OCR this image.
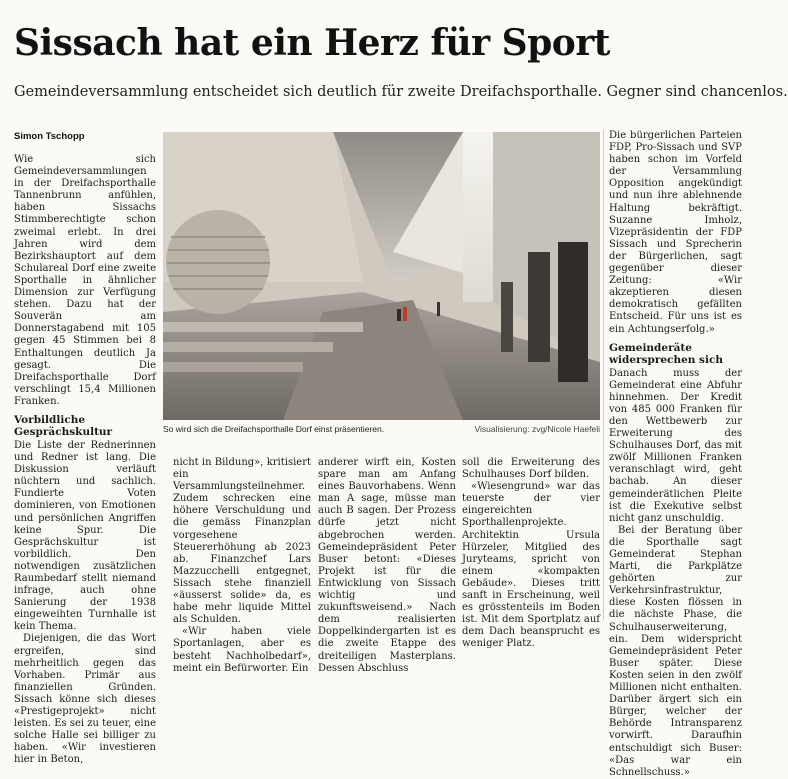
Sissach hat ein Herz für Sport
Gemeindeversammlung entscheidet sich deutlich für zweite Dreifachsporthalle. Gegner sind chancenlos.
Simon Tschopp

Wie sich Gemeindeversammlungen in der Dreifachsporthalle Tannenbrunn anfühlen, haben Sissachs Stimmberechtigte schon zweimal erlebt. In drei Jahren wird dem Bezirkshauptort auf dem Schulareal Dorf eine zweite Sporthalle in ähnlicher Dimension zur Verfügung stehen. Dazu hat der Souverän am Donnerstagabend mit 105 gegen 45 Stimmen bei 8 Enthaltungen deutlich Ja gesagt. Die Dreifachsporthalle Dorf verschlingt 15,4 Millionen Franken.

Vorbildliche Gesprächskultur

Die Liste der Rednerinnen und Redner ist lang. Die Diskussion verläuft nüchtern und sachlich. Fundierte Voten dominieren, von Emotionen und persönlichen Angriffen keine Spur. Die Gesprächskultur ist vorbildlich. Den notwendigen zusätzlichen Raumbedarf stellt niemand infrage, auch ohne Sanierung der 1938 eingeweihten Turnhalle ist kein Thema.

Diejenigen, die das Wort ergreifen, sind mehrheitlich gegen das Vorhaben. Primär aus finanziellen Gründen. Sissach könne sich dieses «Prestigeprojekt» nicht leisten. Es sei zu teuer, eine solche Halle sei billiger zu haben. «Wir investieren hier in Beton,

So wird sich die Dreifachsporthalle Dorf einst präsentieren.	Visualisierung: zvg/Nicole Haefeli

nicht in Bildung», kritisiert ein Versammlungsteilnehmer. Zudem schrecken eine höhere Verschuldung und die gemäss Finanzplan vorgesehene Steuererhöhung ab 2023 ab. Finanzchef Lars Mazzucchelli entgegnet, Sissach stehe finanziell «äusserst solide» da, es habe mehr liquide Mittel als Schulden.

«Wir haben viele Sportanlagen, aber es besteht Nachholbedarf», meint ein Befürworter. Ein

anderer wirft ein, Kosten spare man am Anfang eines Bauvorhabens. Wenn man A sage, müsse man auch B sagen. Der Prozess dürfe jetzt nicht abgebrochen werden. Gemeindepräsident Peter Buser betont: «Dieses Projekt ist für die Entwicklung von Sissach wichtig und zukunftsweisend.» Nach dem realisierten Doppelkindergarten ist es die zweite Etappe des dreiteiligen Masterplans. Dessen Abschluss

soll die Erweiterung des Schulhauses Dorf bilden.

«Wiesengrund» war das teuerste der vier eingereichten Sporthallenprojekte. Architektin Ursula Hürzeler, Mitglied des Juryteams, spricht von einem «kompakten Gebäude». Dieses tritt sanft in Erscheinung, weil es grösstenteils im Boden ist. Mit dem Sportplatz auf dem Dach beansprucht es weniger Platz.

Die bürgerlichen Parteien FDP, Pro-Sissach und SVP haben schon im Vorfeld der Versammlung Opposition angekündigt und nun ihre ablehnende Haltung bekräftigt. Suzanne Imholz, Vizepräsidentin der FDP Sissach und Sprecherin der Bürgerlichen, sagt gegenüber dieser Zeitung: «Wir akzeptieren diesen demokratisch gefällten Entscheid. Für uns ist es ein Achtungserfolg.»

Gemeinderäte widersprechen sich

Danach muss der Gemeinderat eine Abfuhr hinnehmen. Der Kredit von 485 000 Franken für den Wettbewerb zur Erweiterung des Schulhauses Dorf, das mit zwölf Millionen Franken veranschlagt wird, geht bachab. An dieser gemeinderätlichen Pleite ist die Exekutive selbst nicht ganz unschuldig.

Bei der Beratung über die Sporthalle sagt Gemeinderat Stephan Marti, die Parkplätze gehörten zur Verkehrsinfrastruktur, diese Kosten flössen in die nächste Phase, die Schulhauserweiterung, ein. Dem widerspricht Gemeindepräsident Peter Buser später. Diese Kosten seien in den zwölf Millionen nicht enthalten. Darüber ärgert sich ein Bürger, welcher der Behörde Intransparenz vorwirft. Daraufhin entschuldigt sich Buser: «Das war ein Schnellschuss.»
